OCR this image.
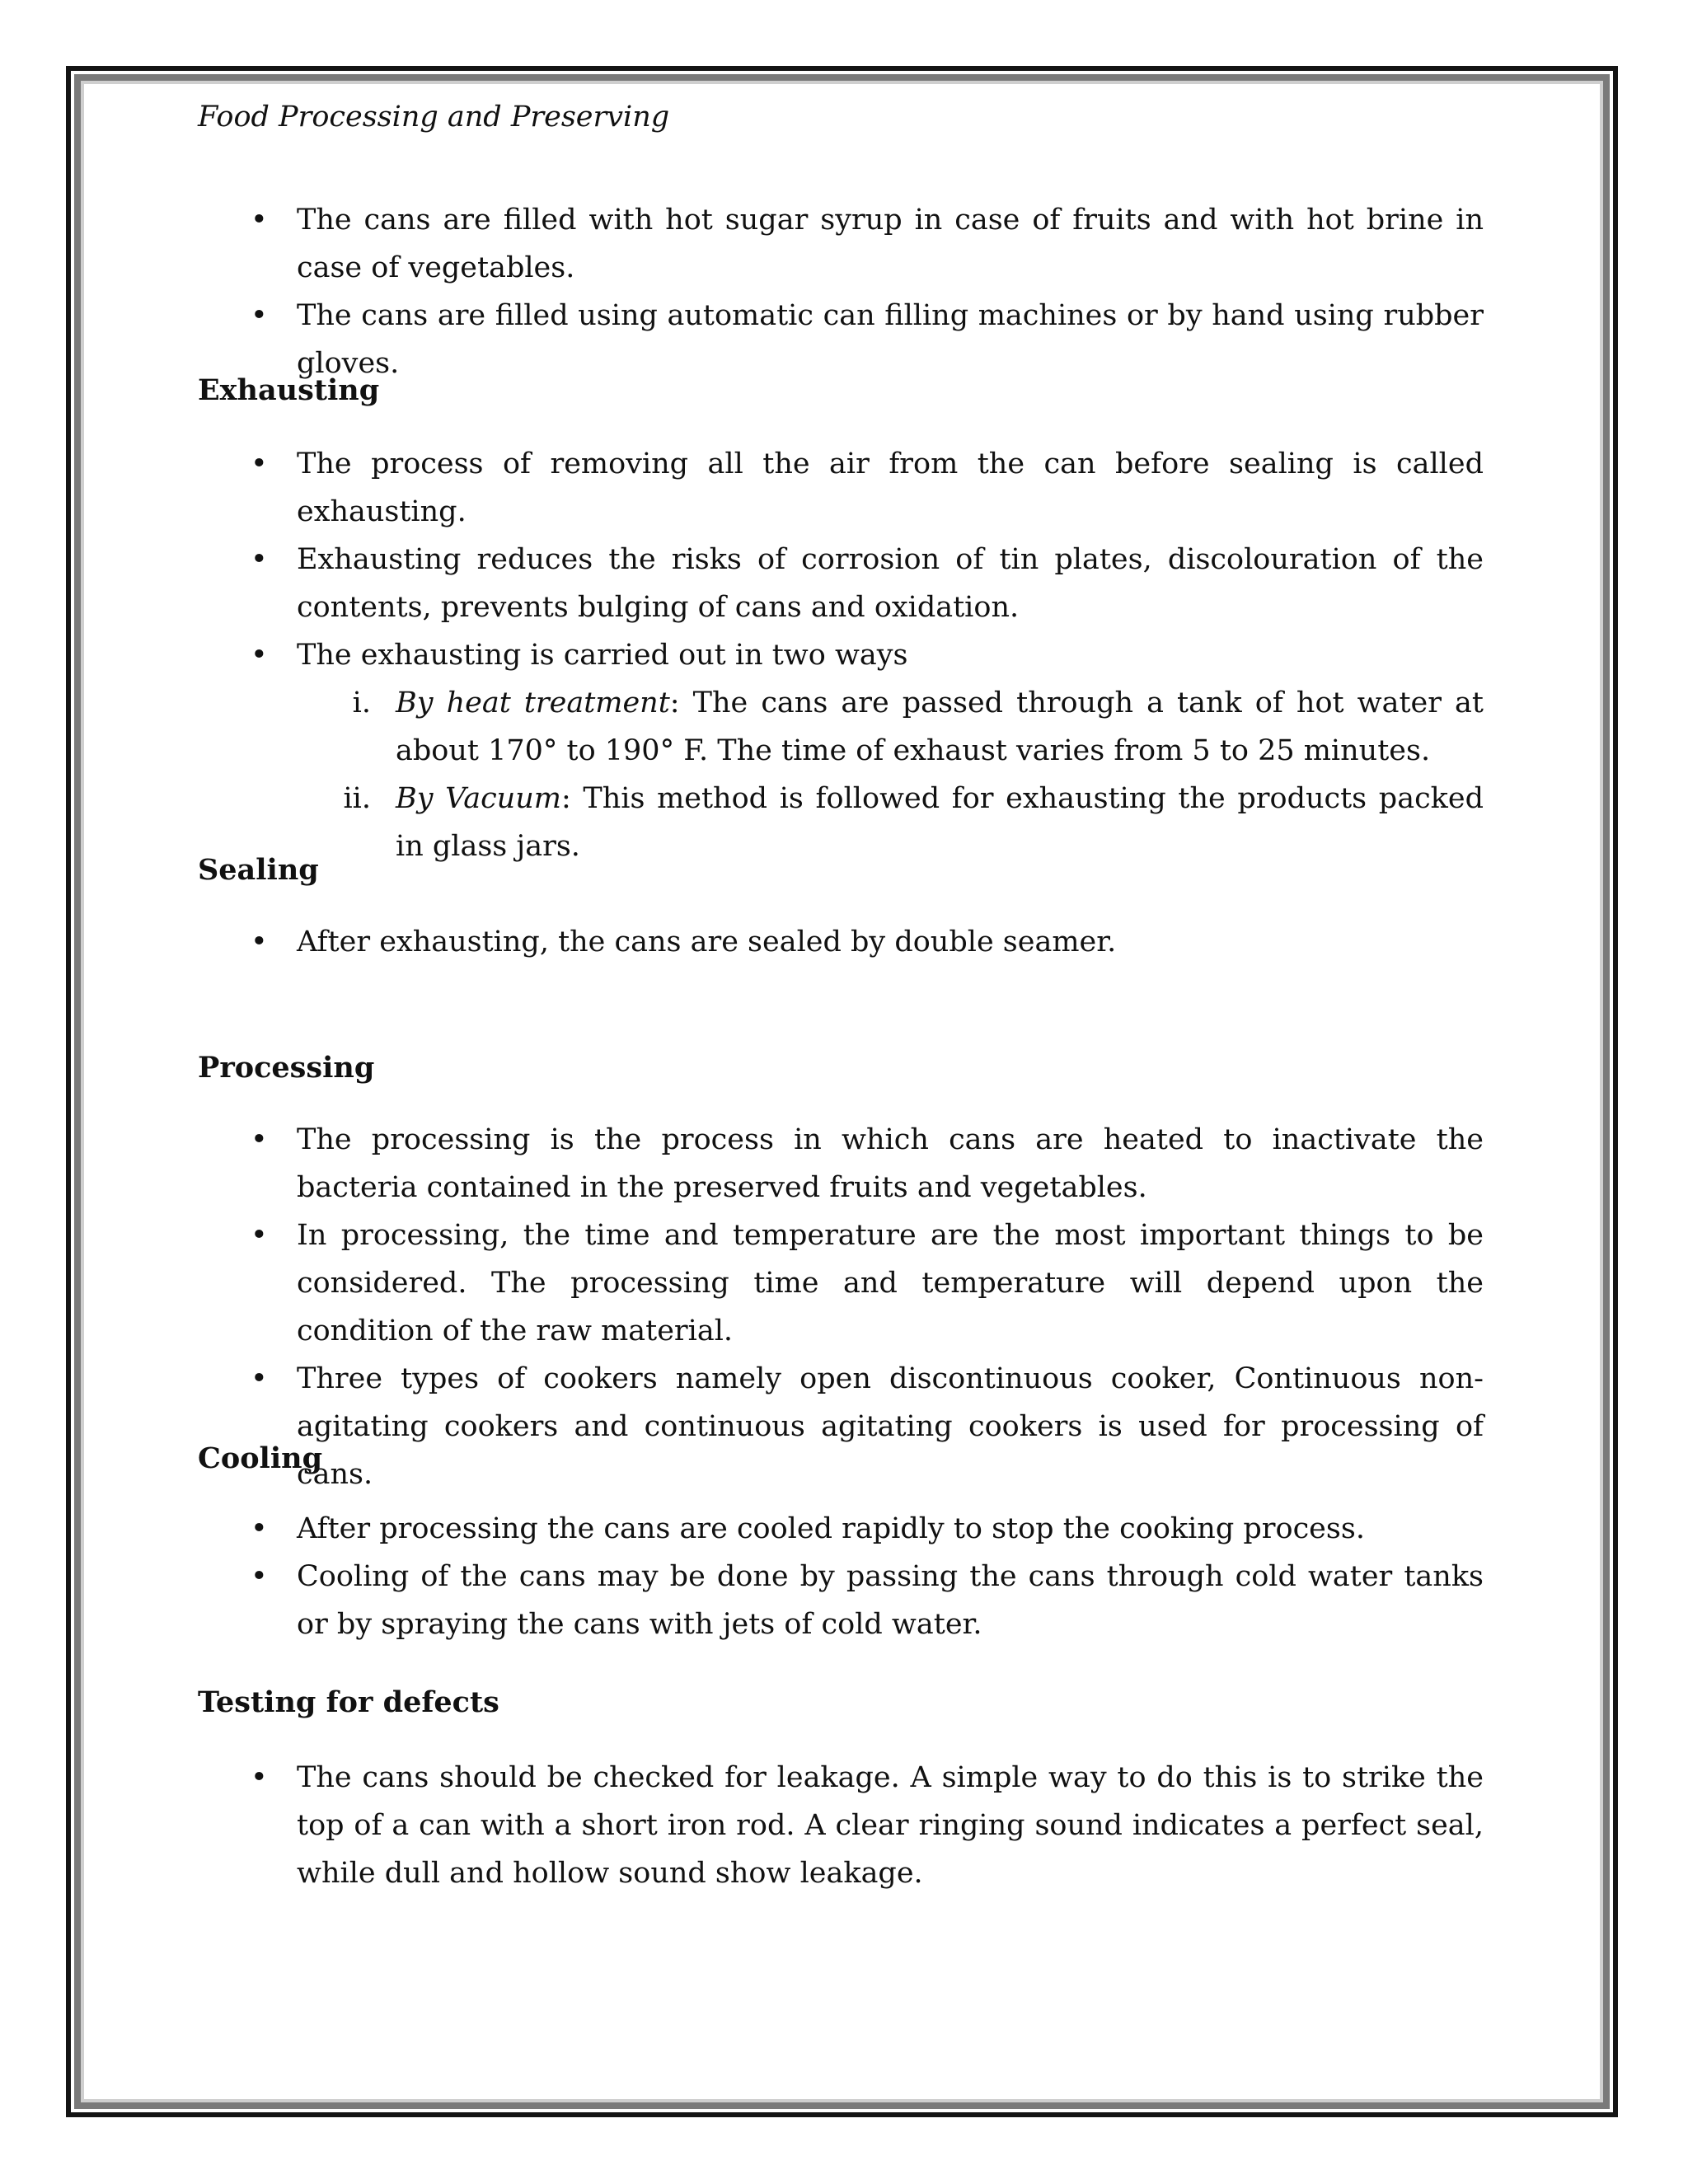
Food Processing and Preserving
• The cans are filled with hot sugar syrup in case of fruits and with hot brine in case of vegetables.
• The cans are filled using automatic can filling machines or by hand using rubber gloves.
Exhausting
• The process of removing all the air from the can before sealing is called exhausting.
• Exhausting reduces the risks of corrosion of tin plates, discolouration of the contents, prevents bulging of cans and oxidation.
• The exhausting is carried out in two ways
i. By heat treatment: The cans are passed through a tank of hot water at about 170° to 190° F. The time of exhaust varies from 5 to 25 minutes.
ii. By Vacuum: This method is followed for exhausting the products packed in glass jars.
Sealing
• After exhausting, the cans are sealed by double seamer.
Processing
• The processing is the process in which cans are heated to inactivate the bacteria contained in the preserved fruits and vegetables.
• In processing, the time and temperature are the most important things to be considered. The processing time and temperature will depend upon the condition of the raw material.
• Three types of cookers namely open discontinuous cooker, Continuous non-agitating cookers and continuous agitating cookers is used for processing of cans.
Cooling
• After processing the cans are cooled rapidly to stop the cooking process.
• Cooling of the cans may be done by passing the cans through cold water tanks or by spraying the cans with jets of cold water.
Testing for defects
• The cans should be checked for leakage. A simple way to do this is to strike the top of a can with a short iron rod. A clear ringing sound indicates a perfect seal, while dull and hollow sound show leakage.
